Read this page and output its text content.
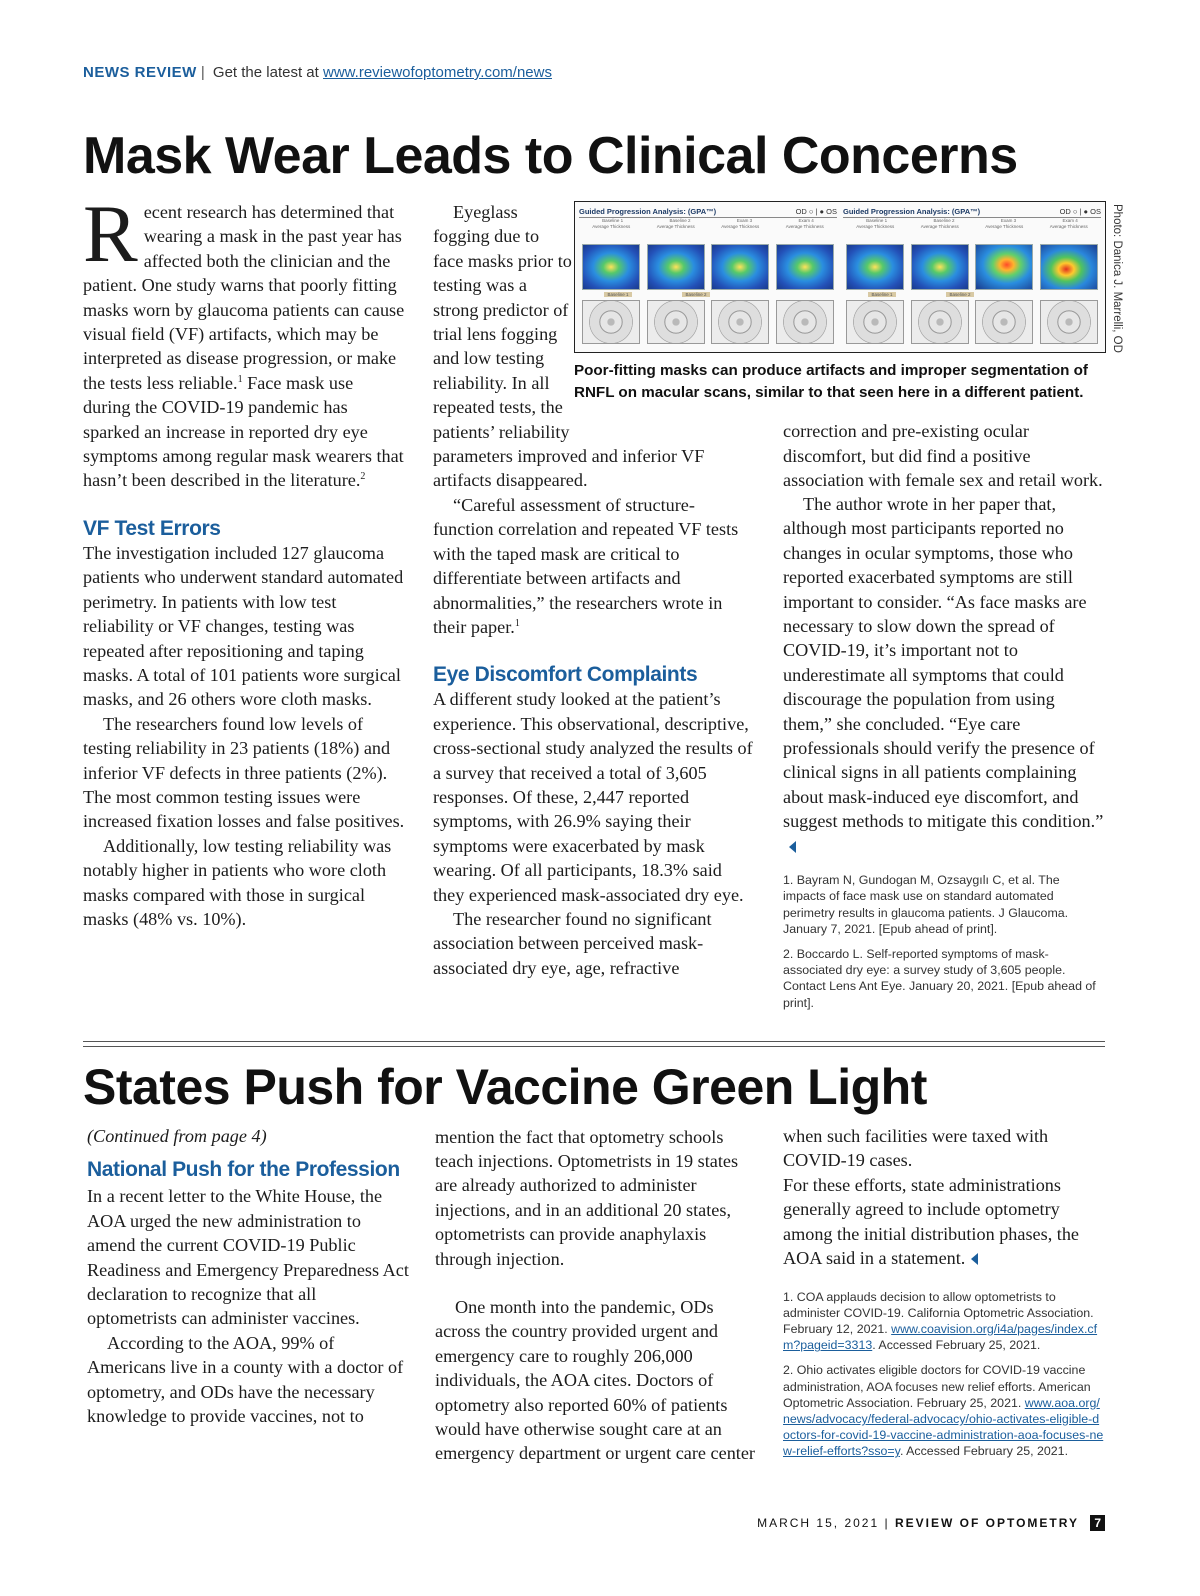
NEWS REVIEW | Get the latest at www.reviewofoptometry.com/news
Mask Wear Leads to Clinical Concerns

Recent research has determined that wearing a mask in the past year has affected both the clinician and the patient. One study warns that poorly fitting masks worn by glaucoma patients can cause visual field (VF) artifacts, which may be interpreted as disease progression, or make the tests less reliable.$^1$ Face mask use during the COVID-19 pandemic has sparked an increase in reported dry eye symptoms among regular mask wearers that hasn’t been described in the literature.$^2$

VF Test Errors

The investigation included 127 glaucoma patients who underwent standard automated perimetry. In patients with low test reliability or VF changes, testing was repeated after repositioning and taping masks. A total of 101 patients wore surgical masks, and 26 others wore cloth masks.

The researchers found low levels of testing reliability in 23 patients (18%) and inferior VF defects in three patients (2%). The most common testing issues were increased fixation losses and false positives.

Additionally, low testing reliability was notably higher in patients who wore cloth masks compared with those in surgical masks (48% vs. 10%).

Eyeglass fogging due to face masks prior to testing was a strong predictor of trial lens fogging and low testing reliability. In all repeated tests, the patients’ reliability parameters improved and inferior VF artifacts disappeared.

“Careful assessment of structure-function correlation and repeated VF tests with the taped mask are critical to differentiate between artifacts and abnormalities,” the researchers wrote in their paper.$^1$

Eye Discomfort Complaints

A different study looked at the patient’s experience. This observational, descriptive, cross-sectional study analyzed the results of a survey that received a total of 3,605 responses. Of these, 2,447 reported symptoms, with 26.9% saying their symptoms were exacerbated by mask wearing. Of all participants, 18.3% said they experienced mask-associated dry eye.

The researcher found no significant association between perceived mask-associated dry eye, age, refractive

Guided Progression Analysis: (GPA™)	OD ○ | ● OS
Baseline 1	Baseline 2	Exam 3	Exam 4
Average Thickness	Average Thickness	Average Thickness	Average Thickness
Baseline 1	Baseline 2
Guided Progression Analysis: (GPA™)	OD ○ | ● OS
Baseline 1	Baseline 2	Exam 3	Exam 4
Average Thickness	Average Thickness	Average Thickness	Average Thickness
Baseline 1	Baseline 2	Photo: Danica J. Marrelli, OD
Poor-fitting masks can produce artifacts and improper segmentation of RNFL on macular scans, similar to that seen here in a different patient.

correction and pre-existing ocular discomfort, but did find a positive association with female sex and retail work.

The author wrote in her paper that, although most participants reported no changes in ocular symptoms, those who reported exacerbated symptoms are still important to consider. “As face masks are necessary to slow down the spread of COVID-19, it’s important not to underestimate all symptoms that could discourage the population from using them,” she concluded. “Eye care professionals should verify the presence of clinical signs in all patients complaining about mask-induced eye discomfort, and suggest methods to mitigate this condition.”

1. Bayram N, Gundogan M, Ozsaygılı C, et al. The impacts of face mask use on standard automated perimetry results in glaucoma patients. J Glaucoma. January 7, 2021. [Epub ahead of print].

2. Boccardo L. Self-reported symptoms of mask-associated dry eye: a survey study of 3,605 people. Contact Lens Ant Eye. January 20, 2021. [Epub ahead of print].

States Push for Vaccine Green Light

(Continued from page 4)

National Push for the Profession

In a recent letter to the White House, the AOA urged the new administration to amend the current COVID-19 Public Readiness and Emergency Preparedness Act declaration to recognize that all optometrists can administer vaccines.

According to the AOA, 99% of Americans live in a county with a doctor of optometry, and ODs have the necessary knowledge to provide vaccines, not to

mention the fact that optometry schools teach injections. Optometrists in 19 states are already authorized to administer injections, and in an additional 20 states, optometrists can provide anaphylaxis through injection.

One month into the pandemic, ODs across the country provided urgent and emergency care to roughly 206,000 individuals, the AOA cites. Doctors of optometry also reported 60% of patients would have otherwise sought care at an emergency department or urgent care center

when such facilities were taxed with COVID-19 cases.

For these efforts, state administrations generally agreed to include optometry among the initial distribution phases, the AOA said in a statement.

1. COA applauds decision to allow optometrists to administer COVID-19. California Optometric Association. February 12, 2021. www.coavision.org/i4a/pages/index.cfm?pageid=3313. Accessed February 25, 2021.

2. Ohio activates eligible doctors for COVID-19 vaccine administration, AOA focuses new relief efforts. American Optometric Association. February 25, 2021. www.aoa.org/news/advocacy/federal-advocacy/ohio-activates-eligible-doctors-for-covid-19-vaccine-administration-aoa-focuses-new-relief-efforts?sso=y. Accessed February 25, 2021.

MARCH 15, 2021 | REVIEW OF OPTOMETRY 7
